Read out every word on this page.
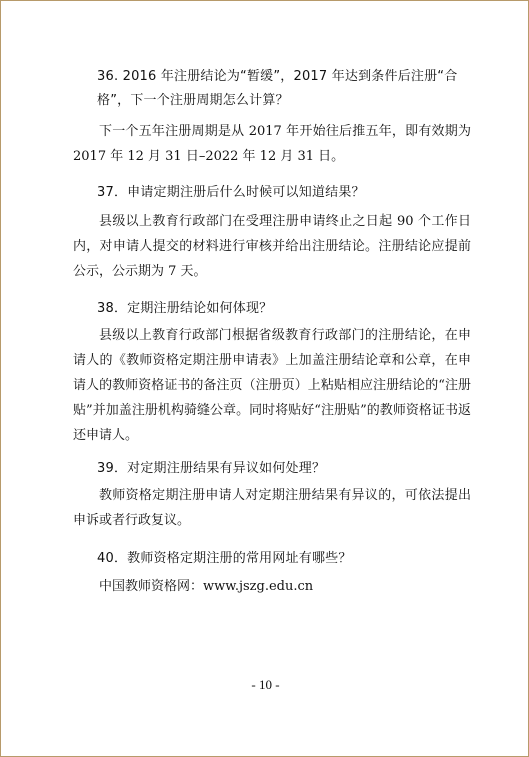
36. 2016 年注册结论为“暂缓”，2017 年达到条件后注册“合格”，下一个注册周期怎么计算？
下一个五年注册周期是从 2017 年开始往后推五年，即有效期为 2017 年 12 月 31 日–2022 年 12 月 31 日。
37．申请定期注册后什么时候可以知道结果？
县级以上教育行政部门在受理注册申请终止之日起 90 个工作日内，对申请人提交的材料进行审核并给出注册结论。注册结论应提前公示，公示期为 7 天。
38．定期注册结论如何体现？
县级以上教育行政部门根据省级教育行政部门的注册结论，在申请人的《教师资格定期注册申请表》上加盖注册结论章和公章，在申请人的教师资格证书的备注页（注册页）上粘贴相应注册结论的“注册贴”并加盖注册机构骑缝公章。同时将贴好“注册贴”的教师资格证书返还申请人。
39．对定期注册结果有异议如何处理？
教师资格定期注册申请人对定期注册结果有异议的，可依法提出申诉或者行政复议。
40．教师资格定期注册的常用网址有哪些？
中国教师资格网：www.jszg.edu.cn
- 10 -
